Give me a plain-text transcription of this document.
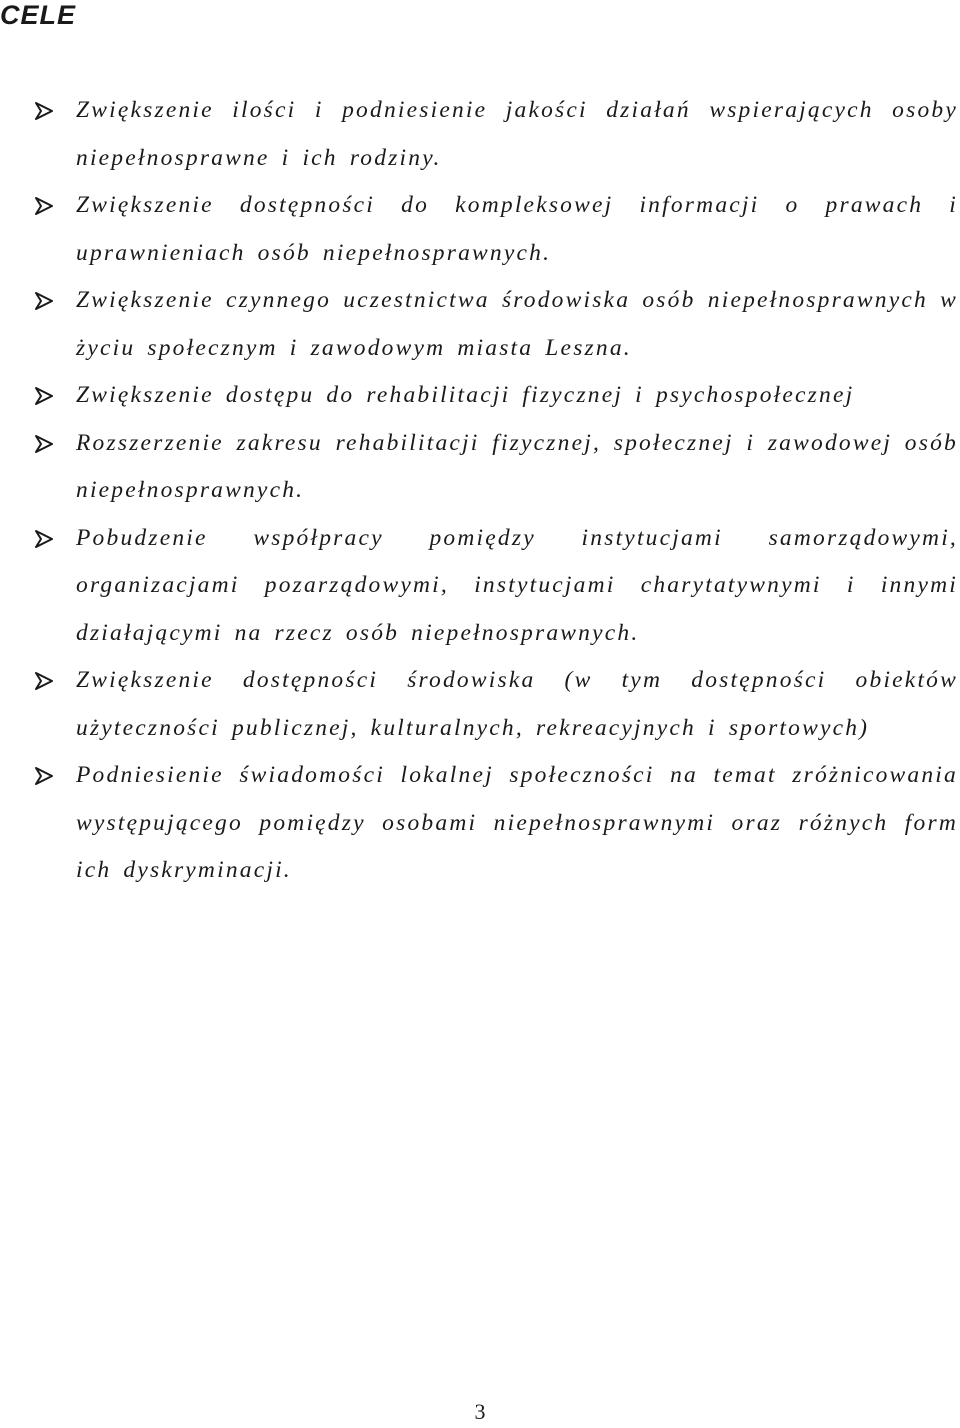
CELE
Zwiększenie ilości i podniesienie jakości działań wspierających osoby niepełnosprawne i ich rodziny.
Zwiększenie dostępności do kompleksowej informacji o prawach i uprawnieniach osób niepełnosprawnych.
Zwiększenie czynnego uczestnictwa środowiska osób niepełnosprawnych w życiu społecznym i zawodowym miasta Leszna.
Zwiększenie dostępu do rehabilitacji fizycznej i psychospołecznej
Rozszerzenie zakresu rehabilitacji fizycznej, społecznej i zawodowej osób niepełnosprawnych.
Pobudzenie współpracy pomiędzy instytucjami samorządowymi, organizacjami pozarządowymi, instytucjami charytatywnymi i innymi działającymi na rzecz osób niepełnosprawnych.
Zwiększenie dostępności środowiska (w tym dostępności obiektów użyteczności publicznej, kulturalnych, rekreacyjnych i sportowych)
Podniesienie świadomości lokalnej społeczności na temat zróżnicowania występującego pomiędzy osobami niepełnosprawnymi oraz różnych form ich dyskryminacji.

3
